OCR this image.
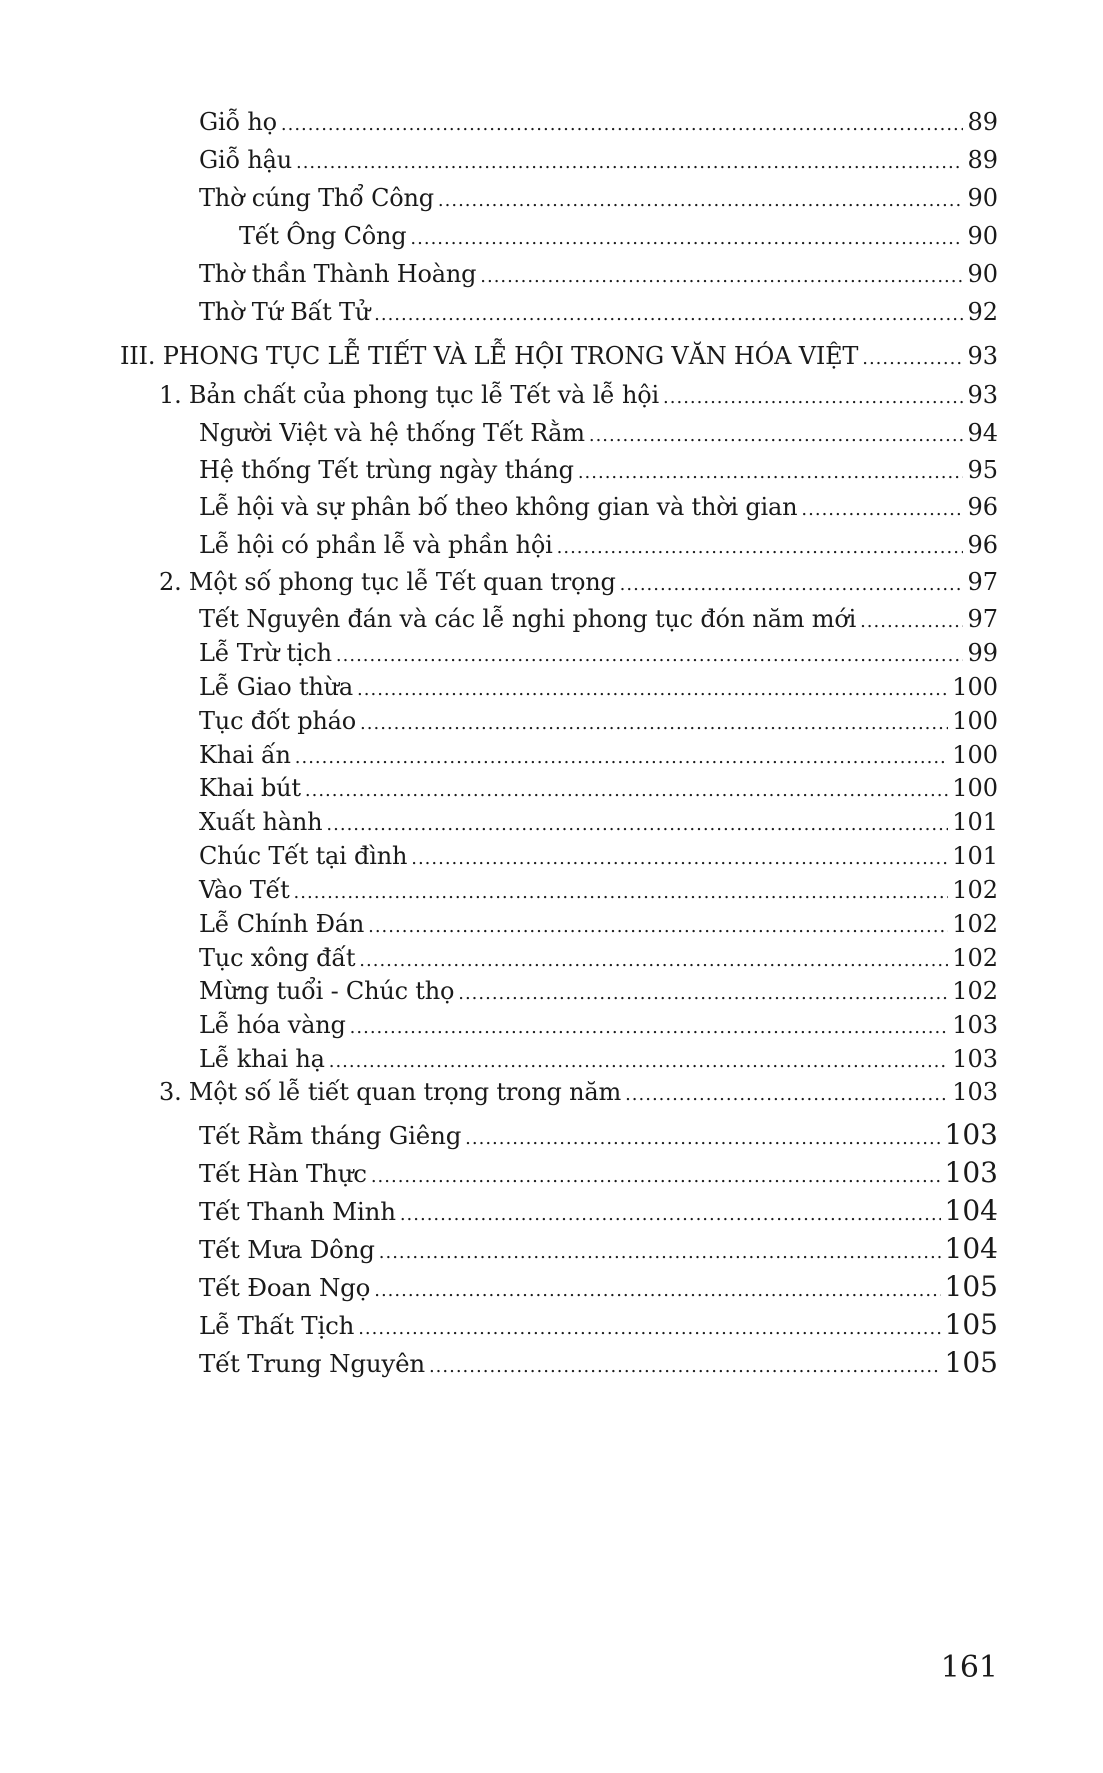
Giỗ họ .....	89
Giỗ hậu .....	89
Thờ cúng Thổ Công .....	90
Tết Ông Công .....	90
Thờ thần Thành Hoàng .....	90
Thờ Tứ Bất Tử .....	92
III. PHONG TỤC LỄ TIẾT VÀ LỄ HỘI TRONG VĂN HÓA VIỆT .....	93
1. Bản chất của phong tục lễ Tết và lễ hội .....	93
Người Việt và hệ thống Tết Rằm .....	94
Hệ thống Tết trùng ngày tháng .....	95
Lễ hội và sự phân bố theo không gian và thời gian .....	96
Lễ hội có phần lễ và phần hội .....	96
2. Một số phong tục lễ Tết quan trọng .....	97
Tết Nguyên đán và các lễ nghi phong tục đón năm mới .....	97
Lễ Trừ tịch .....	99
Lễ Giao thừa .....	100
Tục đốt pháo .....	100
Khai ấn .....	100
Khai bút .....	100
Xuất hành .....	101
Chúc Tết tại đình .....	101
Vào Tết .....	102
Lễ Chính Đán .....	102
Tục xông đất .....	102
Mừng tuổi - Chúc thọ .....	102
Lễ hóa vàng .....	103
Lễ khai hạ .....	103
3. Một số lễ tiết quan trọng trong năm .....	103
Tết Rằm tháng Giêng .....	103
Tết Hàn Thực .....	103
Tết Thanh Minh .....	104
Tết Mưa Dông .....	104
Tết Đoan Ngọ .....	105
Lễ Thất Tịch .....	105
Tết Trung Nguyên .....	105
161
